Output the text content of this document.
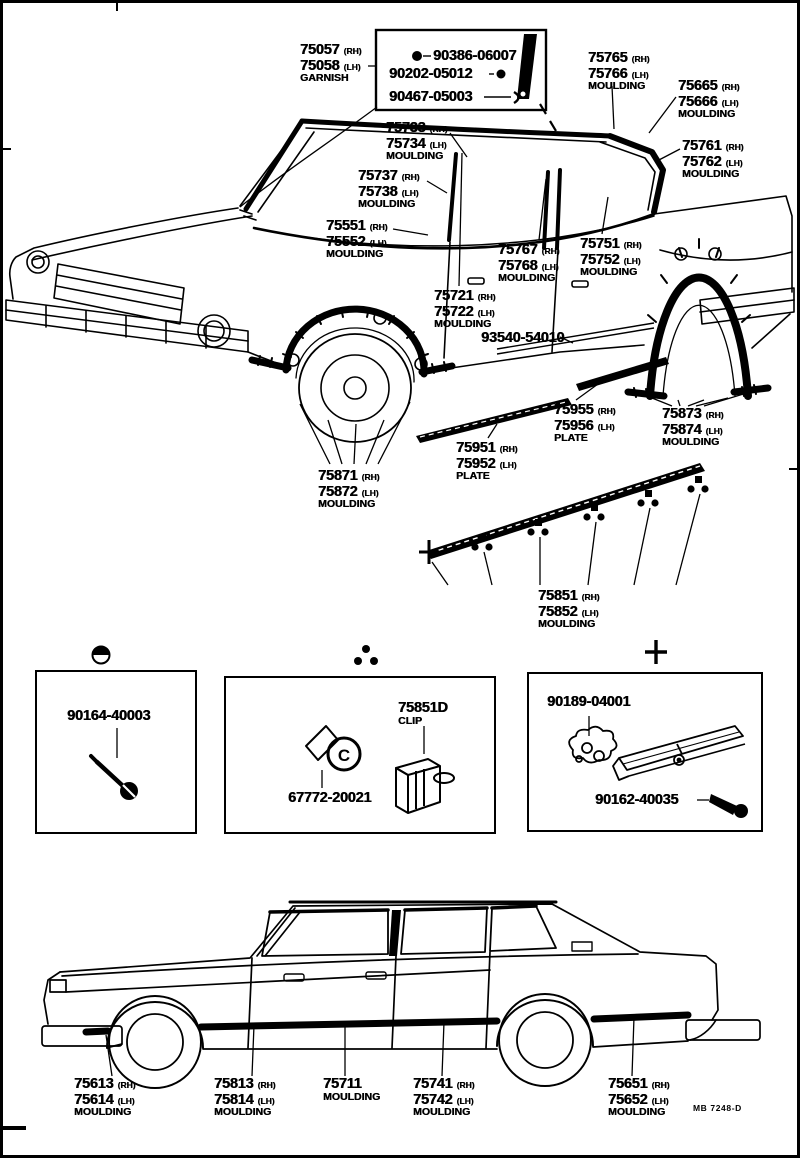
75057 (RH)
75058 (LH)
GARNISH
90386-06007
90202-05012
90467-05003
75765 (RH)
75766 (LH)
MOULDING	75665 (RH)
75666 (LH)
MOULDING
75733 (RH)
75734 (LH)
MOULDING
75761 (RH)
75762 (LH)
MOULDING
75737 (RH)
75738 (LH)
MOULDING
75551 (RH)
75552 (LH)
MOULDING	75767 (RH)
75768 (LH)
MOULDING
75751 (RH)
75752 (LH)
MOULDING
75721 (RH)
75722 (LH)
MOULDING
93540-54010
75955 (RH)
75956 (LH)
PLATE
75873 (RH)
75874 (LH)
MOULDING
75951 (RH)
75952 (LH)
PLATE
75871 (RH)
75872 (LH)
MOULDING
75851 (RH)
75852 (LH)
MOULDING
90164-40003
C
67772-20021
75851D
CLIP
90189-04001
90162-40035
75613 (RH)
75614 (LH)
MOULDING
75813 (RH)
75814 (LH)
MOULDING
75711
MOULDING
75741 (RH)
75742 (LH)
MOULDING
75651 (RH)
75652 (LH)
MOULDING	MB 7248-D
